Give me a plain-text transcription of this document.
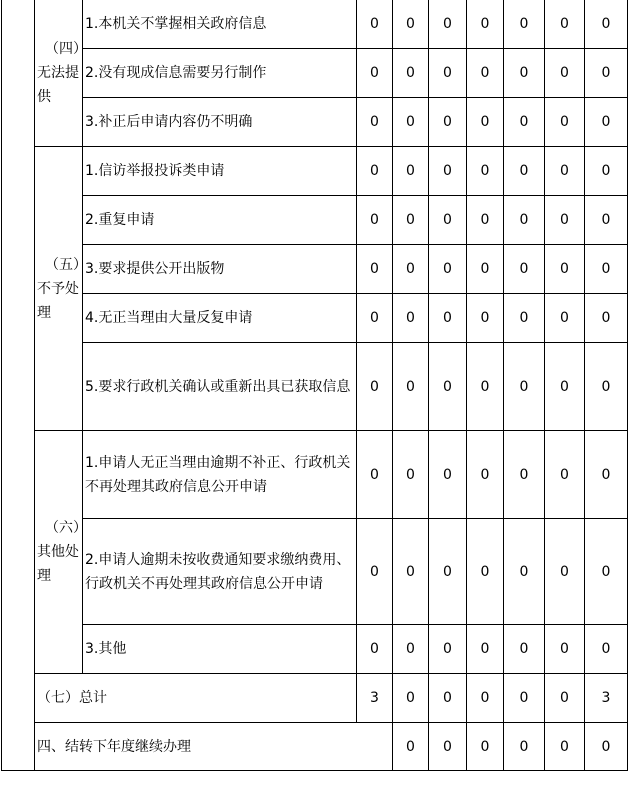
	（四）
无法提
供	1.本机关不掌握相关政府信息	0	0	0	0	0	0	0	
		2.没有现成信息需要另行制作	0	0	0	0	0	0	0	
		3.补正后申请内容仍不明确	0	0	0	0	0	0	0	

	（五）
不予处
理	1.信访举报投诉类申请	0	0	0	0	0	0	0	
		2.重复申请	0	0	0	0	0	0	0	
		3.要求提供公开出版物	0	0	0	0	0	0	0	
		4.无正当理由大量反复申请	0	0	0	0	0	0	0	
		5.要求行政机关确认或重新出具已获取信息	0	0	0	0	0	0	0	

	（六）
其他处
理	1.申请人无正当理由逾期不补正、行政机关不再处理其政府信息公开申请	0	0	0	0	0	0	0	
		2.申请人逾期未按收费通知要求缴纳费用、行政机关不再处理其政府信息公开申请	0	0	0	0	0	0	0	
		3.其他	0	0	0	0	0	0	0	
	（七）总计		3	0	0	0	0	0	3	
	四、结转下年度继续办理			0	0	0	0	0	0	
